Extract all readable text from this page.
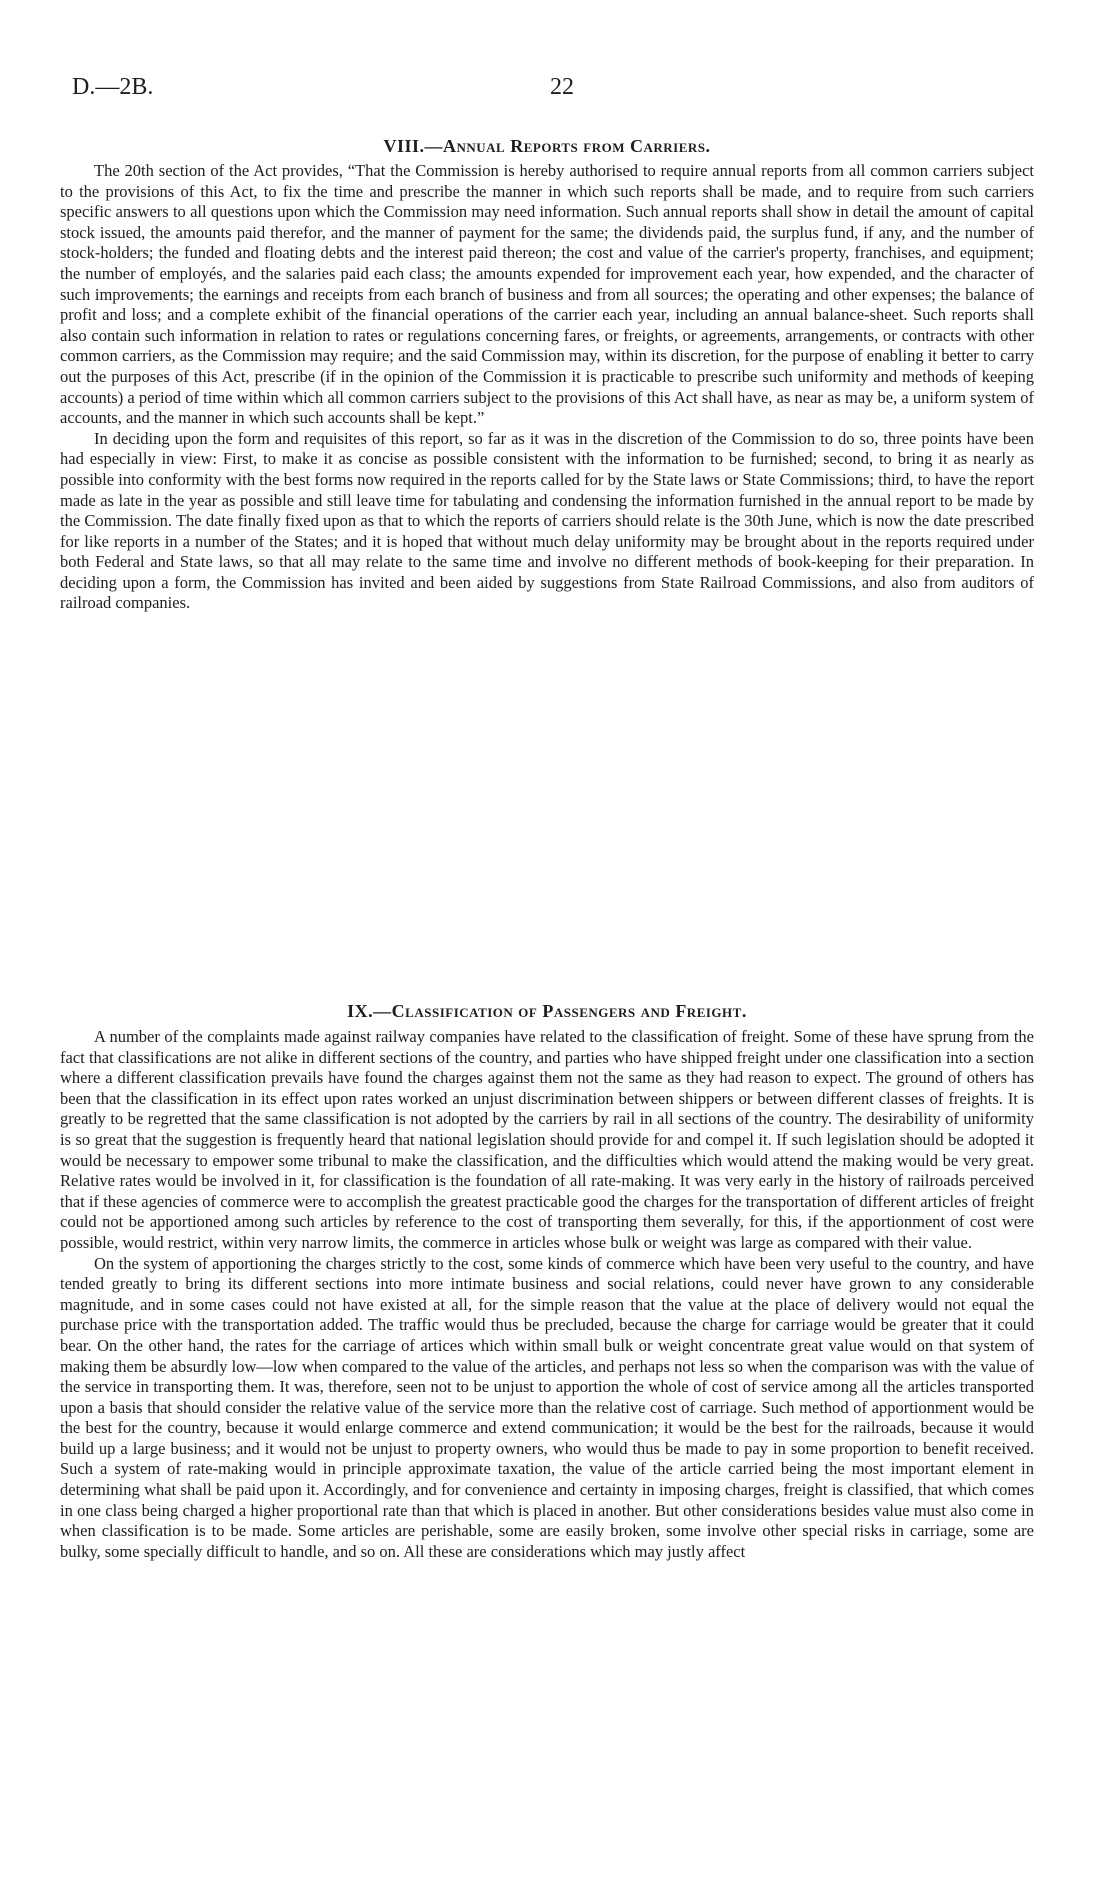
D.—2B.	22
VIII.—Annual Reports from Carriers.

The 20th section of the Act provides, “That the Commission is hereby authorised to require annual reports from all common carriers subject to the provisions of this Act, to fix the time and prescribe the manner in which such reports shall be made, and to require from such carriers specific answers to all questions upon which the Commission may need information. Such annual reports shall show in detail the amount of capital stock issued, the amounts paid therefor, and the manner of payment for the same; the dividends paid, the surplus fund, if any, and the number of stock-holders; the funded and floating debts and the interest paid thereon; the cost and value of the carrier's property, franchises, and equipment; the number of employés, and the salaries paid each class; the amounts expended for improvement each year, how expended, and the character of such improvements; the earnings and receipts from each branch of business and from all sources; the operating and other expenses; the balance of profit and loss; and a complete exhibit of the financial operations of the carrier each year, including an annual balance-sheet. Such reports shall also contain such information in relation to rates or regulations concerning fares, or freights, or agreements, arrangements, or contracts with other common carriers, as the Commission may require; and the said Commission may, within its discretion, for the purpose of enabling it better to carry out the purposes of this Act, prescribe (if in the opinion of the Commission it is practicable to prescribe such uniformity and methods of keeping accounts) a period of time within which all common carriers subject to the provisions of this Act shall have, as near as may be, a uniform system of accounts, and the manner in which such accounts shall be kept.”

In deciding upon the form and requisites of this report, so far as it was in the discretion of the Commission to do so, three points have been had especially in view: First, to make it as concise as possible consistent with the information to be furnished; second, to bring it as nearly as possible into conformity with the best forms now required in the reports called for by the State laws or State Commissions; third, to have the report made as late in the year as possible and still leave time for tabulating and condensing the information furnished in the annual report to be made by the Commission. The date finally fixed upon as that to which the reports of carriers should relate is the 30th June, which is now the date prescribed for like reports in a number of the States; and it is hoped that without much delay uniformity may be brought about in the reports required under both Federal and State laws, so that all may relate to the same time and involve no different methods of book-keeping for their preparation. In deciding upon a form, the Commission has invited and been aided by suggestions from State Railroad Commissions, and also from auditors of railroad companies.

IX.—Classification of Passengers and Freight.

A number of the complaints made against railway companies have related to the classification of freight. Some of these have sprung from the fact that classifications are not alike in different sections of the country, and parties who have shipped freight under one classification into a section where a different classification prevails have found the charges against them not the same as they had reason to expect. The ground of others has been that the classification in its effect upon rates worked an unjust discrimination between shippers or between different classes of freights. It is greatly to be regretted that the same classification is not adopted by the carriers by rail in all sections of the country. The desirability of uniformity is so great that the suggestion is frequently heard that national legislation should provide for and compel it. If such legislation should be adopted it would be necessary to empower some tribunal to make the classification, and the difficulties which would attend the making would be very great. Relative rates would be involved in it, for classification is the foundation of all rate-making. It was very early in the history of railroads perceived that if these agencies of commerce were to accomplish the greatest practicable good the charges for the transportation of different articles of freight could not be apportioned among such articles by reference to the cost of transporting them severally, for this, if the apportionment of cost were possible, would restrict, within very narrow limits, the commerce in articles whose bulk or weight was large as compared with their value.

On the system of apportioning the charges strictly to the cost, some kinds of commerce which have been very useful to the country, and have tended greatly to bring its different sections into more intimate business and social relations, could never have grown to any considerable magnitude, and in some cases could not have existed at all, for the simple reason that the value at the place of delivery would not equal the purchase price with the transportation added. The traffic would thus be precluded, because the charge for carriage would be greater that it could bear. On the other hand, the rates for the carriage of artices which within small bulk or weight concentrate great value would on that system of making them be absurdly low—low when compared to the value of the articles, and perhaps not less so when the comparison was with the value of the service in transporting them. It was, therefore, seen not to be unjust to apportion the whole of cost of service among all the articles transported upon a basis that should consider the relative value of the service more than the relative cost of carriage. Such method of apportionment would be the best for the country, because it would enlarge commerce and extend communication; it would be the best for the railroads, because it would build up a large business; and it would not be unjust to property owners, who would thus be made to pay in some proportion to benefit received. Such a system of rate-making would in principle approximate taxation, the value of the article carried being the most important element in determining what shall be paid upon it. Accordingly, and for convenience and certainty in imposing charges, freight is classified, that which comes in one class being charged a higher proportional rate than that which is placed in another. But other considerations besides value must also come in when classification is to be made. Some articles are perishable, some are easily broken, some involve other special risks in carriage, some are bulky, some specially difficult to handle, and so on. All these are considerations which may justly affect
